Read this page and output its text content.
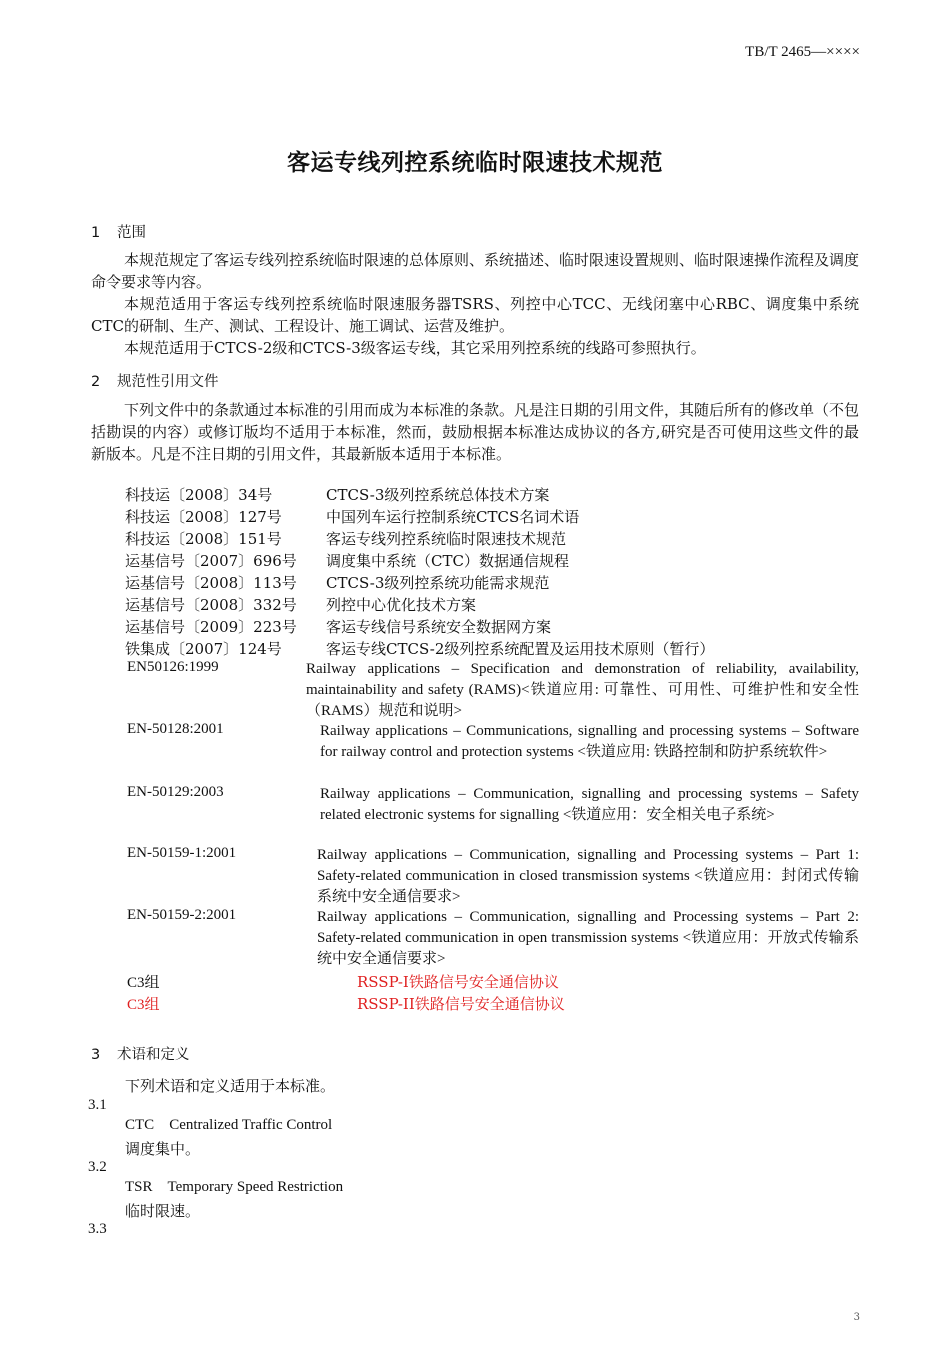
TB/T 2465—××××
客运专线列控系统临时限速技术规范
1 范围
本规范规定了客运专线列控系统临时限速的总体原则、系统描述、临时限速设置规则、临时限速操作流程及调度命令要求等内容。
本规范适用于客运专线列控系统临时限速服务器TSRS、列控中心TCC、无线闭塞中心RBC、调度集中系统CTC的研制、生产、测试、工程设计、施工调试、运营及维护。
本规范适用于CTCS-2级和CTCS-3级客运专线，其它采用列控系统的线路可参照执行。
2 规范性引用文件
下列文件中的条款通过本标准的引用而成为本标准的条款。凡是注日期的引用文件，其随后所有的修改单（不包括勘误的内容）或修订版均不适用于本标准，然而，鼓励根据本标准达成协议的各方,研究是否可使用这些文件的最新版本。凡是不注日期的引用文件，其最新版本适用于本标准。
科技运〔2008〕34号	CTCS-3级列控系统总体技术方案
科技运〔2008〕127号	中国列车运行控制系统CTCS名词术语
科技运〔2008〕151号	客运专线列控系统临时限速技术规范
运基信号〔2007〕696号 调度集中系统（CTC）数据通信规程
运基信号〔2008〕113号 CTCS-3级列控系统功能需求规范
运基信号〔2008〕332号 列控中心优化技术方案
运基信号〔2009〕223号 客运专线信号系统安全数据网方案
铁集成〔2007〕124号	客运专线CTCS-2级列控系统配置及运用技术原则（暂行）
EN50126:1999	Railway applications – Specification and demonstration of reliability, availability, maintainability and safety (RAMS)<铁道应用: 可靠性、可用性、可维护性和安全性（RAMS）规范和说明>
EN-50128:2001	Railway applications – Communications, signalling and processing systems – Software for railway control and protection systems <铁道应用: 铁路控制和防护系统软件>
EN-50129:2003	Railway applications – Communication, signalling and processing systems – Safety related electronic systems for signalling <铁道应用：安全相关电子系统>
EN-50159-1:2001	Railway applications – Communication, signalling and Processing systems – Part 1: Safety-related communication in closed transmission systems <铁道应用：封闭式传输系统中安全通信要求>
EN-50159-2:2001	Railway applications – Communication, signalling and Processing systems – Part 2: Safety-related communication in open transmission systems <铁道应用：开放式传输系统中安全通信要求>
C3组	RSSP-I铁路信号安全通信协议
C3组	RSSP-II铁路信号安全通信协议
3 术语和定义
下列术语和定义适用于本标准。
3.1
CTC Centralized Traffic Control
调度集中。
3.2
TSR Temporary Speed Restriction
临时限速。
3.3
3
